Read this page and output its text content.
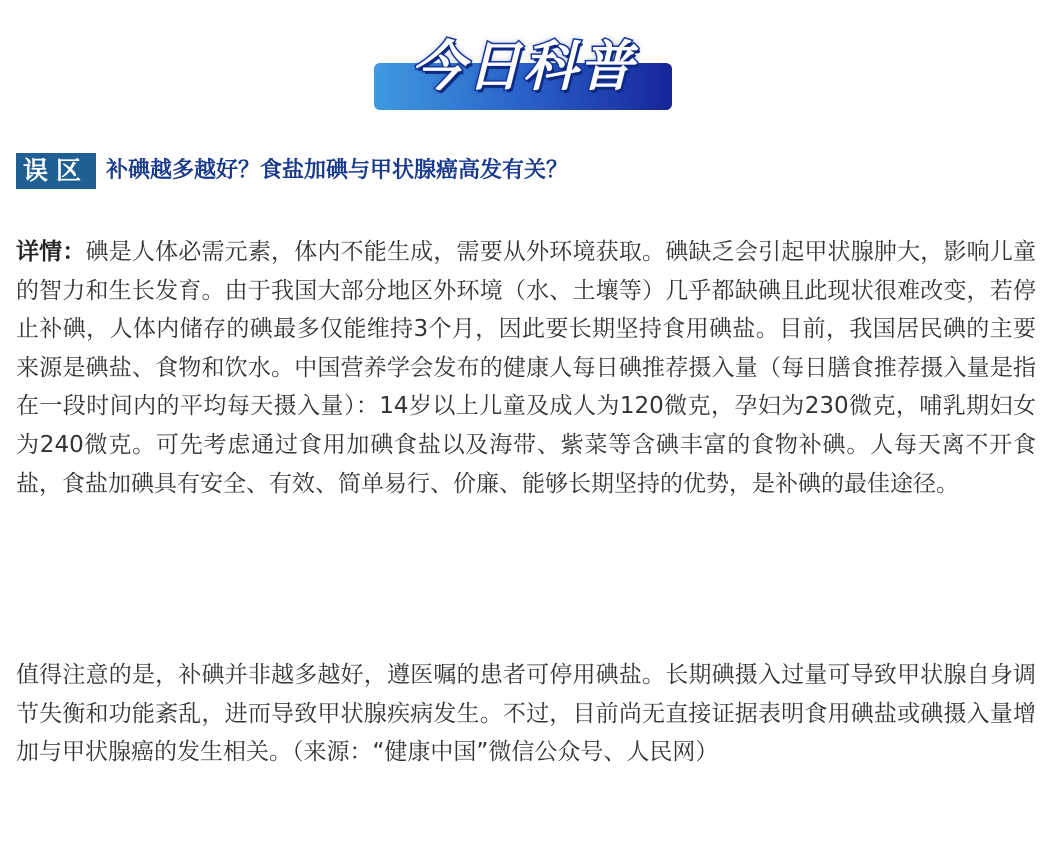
今日科普
误区 补碘越多越好？食盐加碘与甲状腺癌高发有关？

详情：碘是人体必需元素，体内不能生成，需要从外环境获取。碘缺乏会引起甲状腺肿大，影响儿童的智力和生长发育。由于我国大部分地区外环境（水、土壤等）几乎都缺碘且此现状很难改变，若停止补碘，人体内储存的碘最多仅能维持3个月，因此要长期坚持食用碘盐。目前，我国居民碘的主要来源是碘盐、食物和饮水。中国营养学会发布的健康人每日碘推荐摄入量（每日膳食推荐摄入量是指在一段时间内的平均每天摄入量）：14岁以上儿童及成人为120微克，孕妇为230微克，哺乳期妇女为240微克。可先考虑通过食用加碘食盐以及海带、紫菜等含碘丰富的食物补碘。人每天离不开食盐，食盐加碘具有安全、有效、简单易行、价廉、能够长期坚持的优势，是补碘的最佳途径。

值得注意的是，补碘并非越多越好，遵医嘱的患者可停用碘盐。长期碘摄入过量可导致甲状腺自身调节失衡和功能紊乱，进而导致甲状腺疾病发生。不过，目前尚无直接证据表明食用碘盐或碘摄入量增加与甲状腺癌的发生相关。（来源：“健康中国”微信公众号、人民网）
